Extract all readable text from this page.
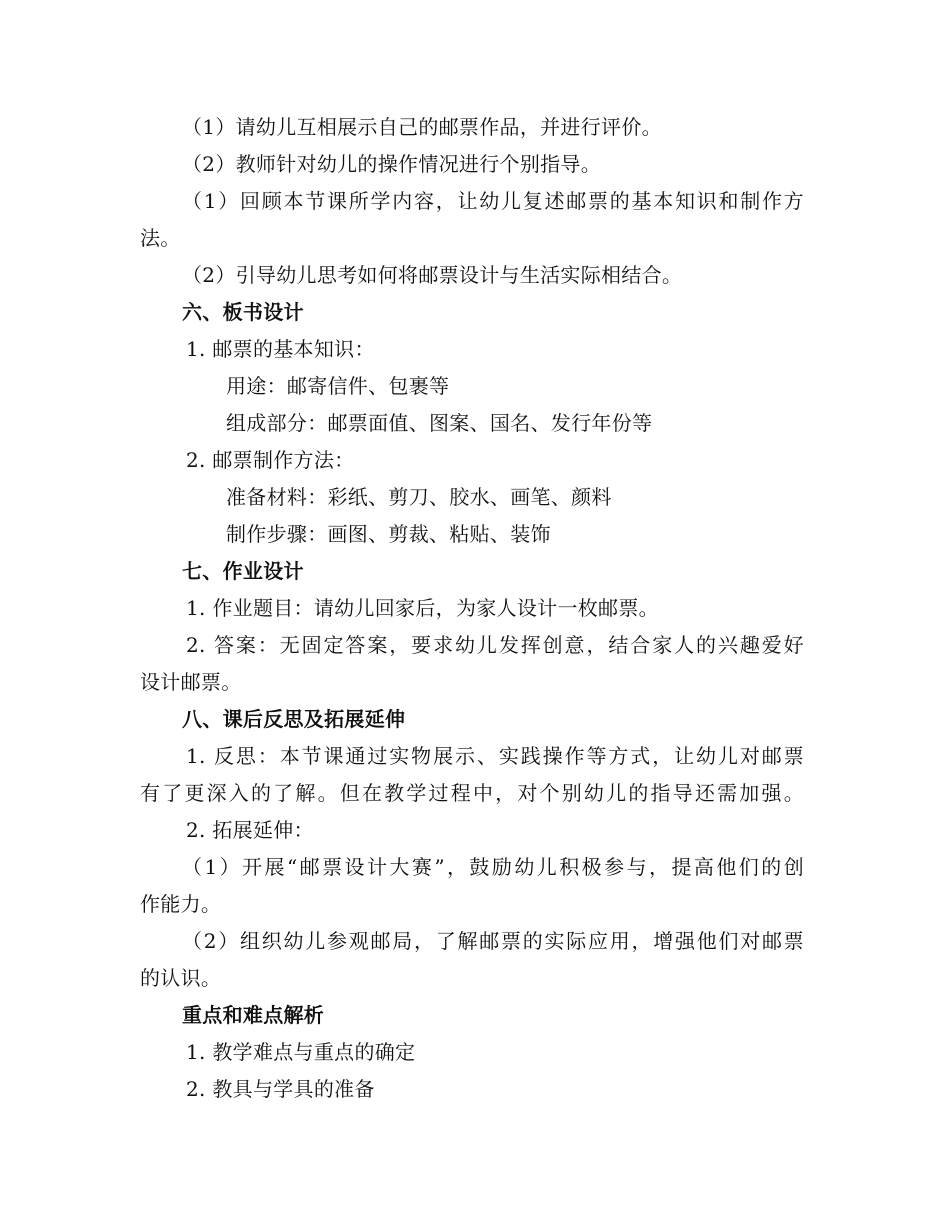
（1）请幼儿互相展示自己的邮票作品，并进行评价。
（2）教师针对幼儿的操作情况进行个别指导。
（1）回顾本节课所学内容，让幼儿复述邮票的基本知识和制作方
法。
（2）引导幼儿思考如何将邮票设计与生活实际相结合。
六、板书设计
1. 邮票的基本知识：
用途：邮寄信件、包裹等
组成部分：邮票面值、图案、国名、发行年份等
2. 邮票制作方法：
准备材料：彩纸、剪刀、胶水、画笔、颜料
制作步骤：画图、剪裁、粘贴、装饰
七、作业设计
1. 作业题目：请幼儿回家后，为家人设计一枚邮票。
2. 答案：无固定答案，要求幼儿发挥创意，结合家人的兴趣爱好
设计邮票。
八、课后反思及拓展延伸
1. 反思：本节课通过实物展示、实践操作等方式，让幼儿对邮票
有了更深入的了解。但在教学过程中，对个别幼儿的指导还需加强。
2. 拓展延伸：
（1）开展“邮票设计大赛”，鼓励幼儿积极参与，提高他们的创
作能力。
（2）组织幼儿参观邮局，了解邮票的实际应用，增强他们对邮票
的认识。
重点和难点解析
1. 教学难点与重点的确定
2. 教具与学具的准备
